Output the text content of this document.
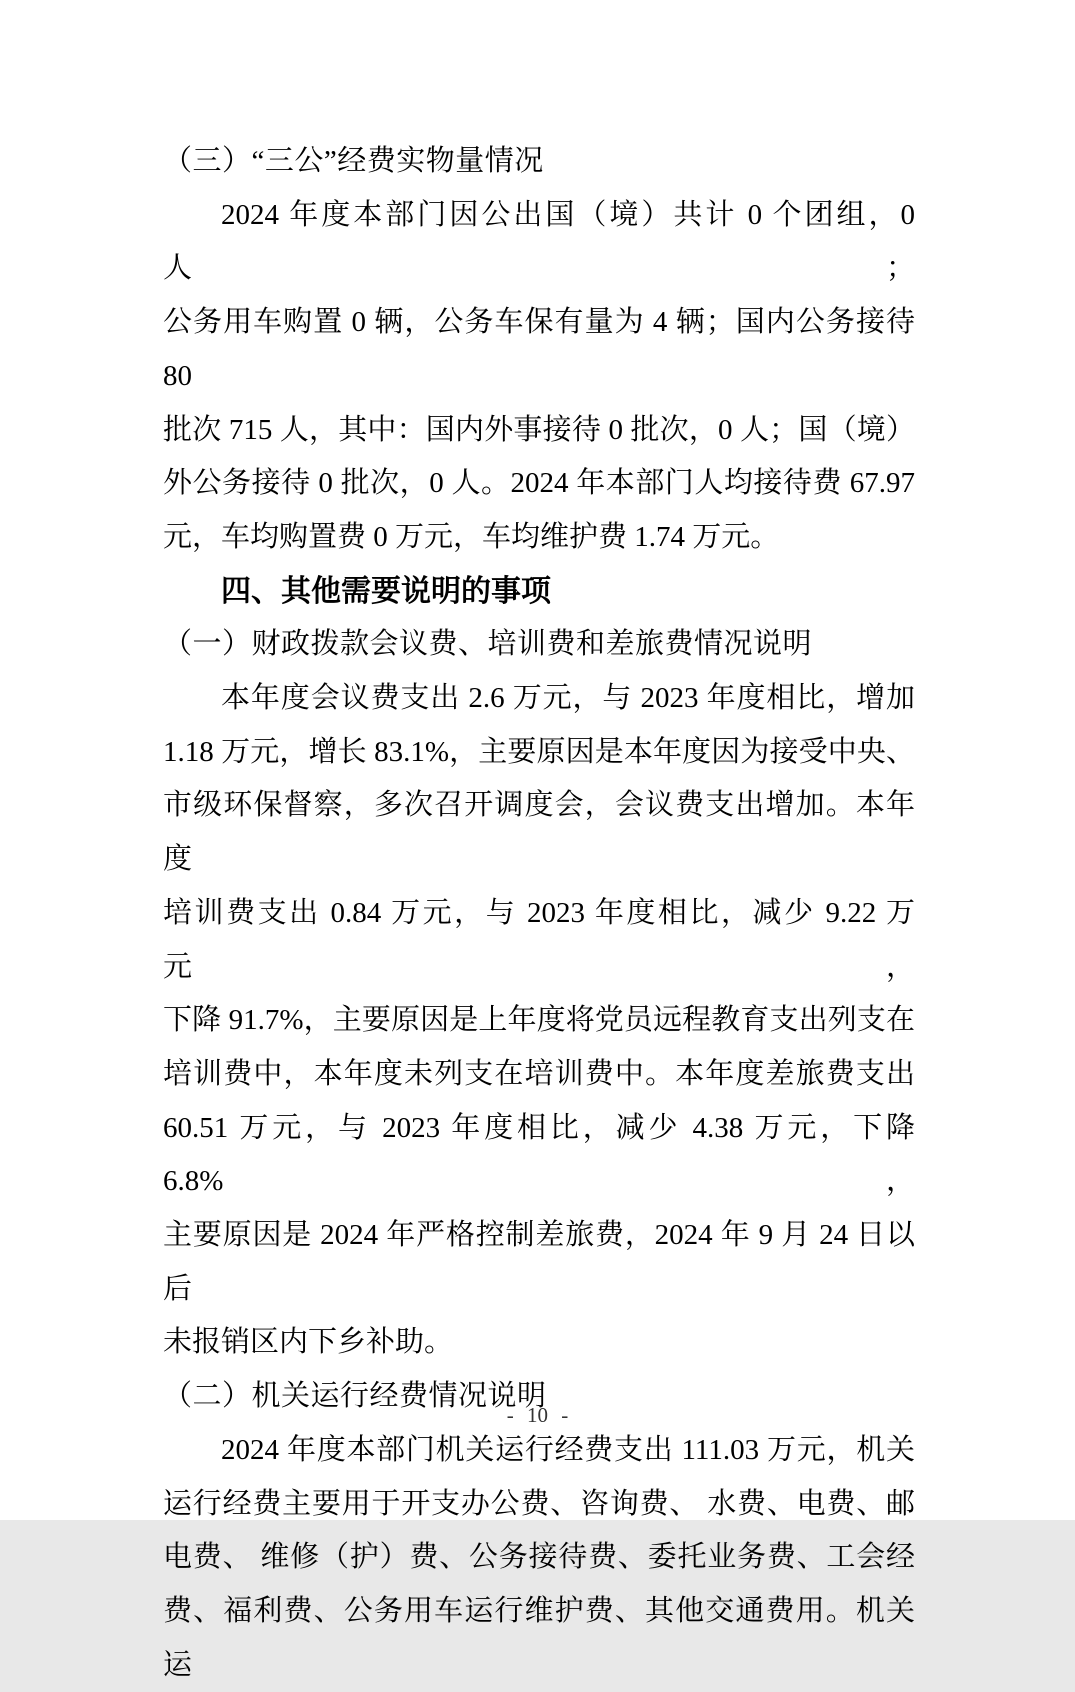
（三）“三公”经费实物量情况
2024 年度本部门因公出国（境）共计 0 个团组，0 人；
公务用车购置 0 辆，公务车保有量为 4 辆；国内公务接待 80
批次 715 人，其中：国内外事接待 0 批次，0 人；国（境）
外公务接待 0 批次，0 人。2024 年本部门人均接待费 67.97
元，车均购置费 0 万元，车均维护费 1.74 万元。
四、其他需要说明的事项
（一）财政拨款会议费、培训费和差旅费情况说明
本年度会议费支出 2.6 万元，与 2023 年度相比，增加
1.18 万元，增长 83.1%，主要原因是本年度因为接受中央、
市级环保督察，多次召开调度会，会议费支出增加。本年度
培训费支出 0.84 万元，与 2023 年度相比，减少 9.22 万元，
下降 91.7%，主要原因是上年度将党员远程教育支出列支在
培训费中，本年度未列支在培训费中。本年度差旅费支出
60.51 万元，与 2023 年度相比，减少 4.38 万元，下降 6.8%，
主要原因是 2024 年严格控制差旅费，2024 年 9 月 24 日以后
未报销区内下乡补助。
（二）机关运行经费情况说明
2024 年度本部门机关运行经费支出 111.03 万元，机关
运行经费主要用于开支办公费、咨询费、 水费、电费、邮
电费、 维修（护）费、公务接待费、委托业务费、工会经
费、福利费、公务用车运行维护费、其他交通费用。机关运
- 10 -
